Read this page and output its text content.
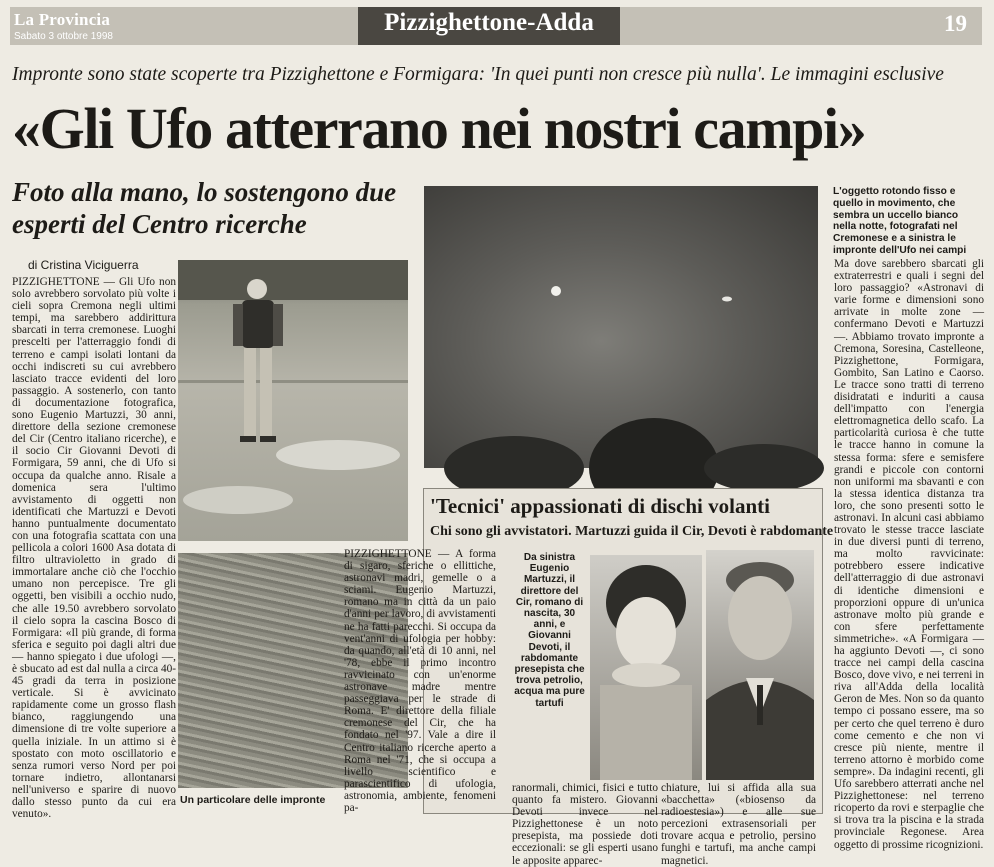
La Provincia
Sabato 3 ottobre 1998
Pizzighettone-Adda	19
Impronte sono state scoperte tra Pizzighettone e Formigara: 'In quei punti non cresce più nulla'. Le immagini esclusive
«Gli Ufo atterrano nei nostri campi»
Foto alla mano, lo sostengono due esperti del Centro ricerche
di Cristina Viciguerra
PIZZIGHETTONE — Gli Ufo non solo avrebbero sorvolato più volte i cieli sopra Cremona negli ultimi tempi, ma sarebbero addirittura sbarcati in terra cremonese. Luoghi prescelti per l'atterraggio fondi di terreno e campi isolati lontani da occhi indiscreti su cui avrebbero lasciato tracce evidenti del loro passaggio. A sostenerlo, con tanto di documentazione fotografica, sono Eugenio Martuzzi, 30 anni, direttore della sezione cremonese del Cir (Centro italiano ricerche), e il socio Cir Giovanni Devoti di Formigara, 59 anni, che di Ufo si occupa da qualche anno. Risale a domenica sera l'ultimo avvistamento di oggetti non identificati che Martuzzi e Devoti hanno puntualmente documentato con una fotografia scattata con una pellicola a colori 1600 Asa dotata di filtro ultravioletto in grado di immortalare anche ciò che l'occhio umano non percepisce. Tre gli oggetti, ben visibili a occhio nudo, che alle 19.50 avrebbero sorvolato il cielo sopra la cascina Bosco di Formigara: «Il più grande, di forma sferica e seguito poi dagli altri due — hanno spiegato i due ufologi —, è sbucato ad est dal nulla a circa 40-45 gradi da terra in posizione verticale. Si è avvicinato rapidamente come un grosso flash bianco, raggiungendo una dimensione di tre volte superiore a quella iniziale. In un attimo si è spostato con moto oscillatorio e senza rumori verso Nord per poi tornare indietro, allontanarsi nell'universo e sparire di nuovo dallo stesso punto da cui era venuto».
Un particolare delle impronte
L'oggetto rotondo fisso e quello in movimento, che sembra un uccello bianco nella notte, fotografati nel Cremonese e a sinistra le impronte dell'Ufo nei campi
Ma dove sarebbero sbarcati gli extraterrestri e quali i segni del loro passaggio? «Astronavi di varie forme e dimensioni sono arrivate in molte zone — confermano Devoti e Martuzzi —. Abbiamo trovato impronte a Cremona, Soresina, Castelleone, Pizzighettone, Formigara, Gombito, San Latino e Caorso. Le tracce sono tratti di terreno disidratati e induriti a causa dell'impatto con l'energia elettromagnetica dello scafo. La particolarità curiosa è che tutte le tracce hanno in comune la stessa forma: sfere e semisfere grandi e piccole con contorni non uniformi ma sbavanti e con la stessa identica distanza tra loro, che sono presenti sotto le astronavi. In alcuni casi abbiamo trovato le stesse tracce lasciate in due diversi punti di terreno, ma molto ravvicinate: potrebbero essere indicative dell'atterraggio di due astronavi di identiche dimensioni e proporzioni oppure di un'unica astronave molto più grande e con sfere perfettamente simmetriche». «A Formigara — ha aggiunto Devoti —, ci sono tracce nei campi della cascina Bosco, dove vivo, e nei terreni in riva all'Adda della località Geron de Mes. Non so da quanto tempo ci possano essere, ma so per certo che quel terreno è duro come cemento e che non vi cresce più niente, mentre il terreno attorno è morbido come sempre». Da indagini recenti, gli Ufo sarebbero atterrati anche nel Pizzighettonese: nel terreno ricoperto da rovi e sterpaglie che si trova tra la piscina e la strada provinciale Regonese. Area oggetto di prossime ricognizioni.
'Tecnici' appassionati di dischi volanti
Chi sono gli avvistatori. Martuzzi guida il Cir, Devoti è rabdomante
PIZZIGHETTONE — A forma di sigaro, sferiche o ellittiche, astronavi madri, gemelle o a sciami. Eugenio Martuzzi, romano ma in città da un paio d'anni per lavoro, di avvistamenti ne ha fatti parecchi. Si occupa da vent'anni di ufologia per hobby: da quando, all'età di 10 anni, nel '78, ebbe il primo incontro ravvicinato con un'enorme astronave madre mentre passeggiava per le strade di Roma. E' direttore della filiale cremonese del Cir, che ha fondato nel '97. Vale a dire il Centro italiano ricerche aperto a Roma nel '71, che si occupa a livello scientifico e parascientifico di ufologia, astronomia, ambiente, fenomeni pa-
ranormali, chimici, fisici e tutto quanto fa mistero. Giovanni Devoti invece nel Pizzighettonese è un noto presepista, ma possiede doti eccezionali: se gli esperti usano le apposite apparec-
chiature, lui si affida alla sua «bacchetta» («biosenso da radioestesia») e alle sue percezioni extrasensoriali per trovare acqua e petrolio, persino funghi e tartufi, ma anche campi magnetici.
Da sinistra Eugenio Martuzzi, il direttore del Cir, romano di nascita, 30 anni, e Giovanni Devoti, il rabdomante presepista che trova petrolio, acqua ma pure tartufi
